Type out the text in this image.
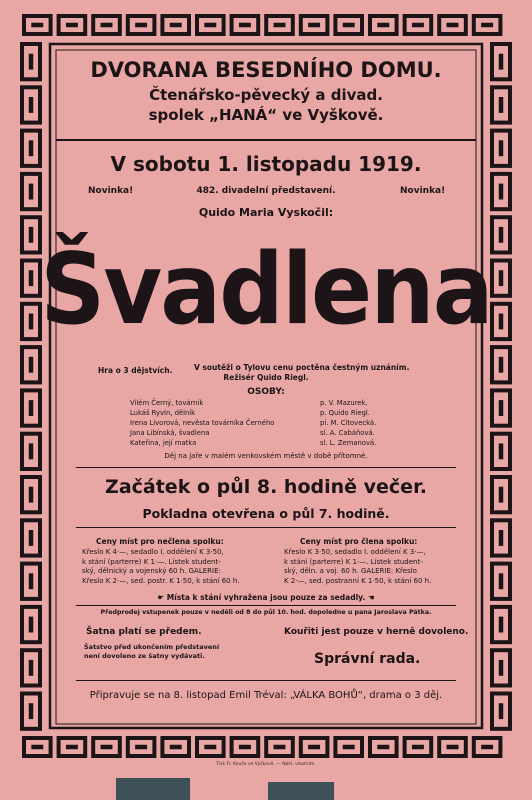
DVORANA BESEDNÍHO DOMU.
Čtenářsko-pěvecký a divad.
spolek „HANÁ“ ve Vyškově.
V sobotu 1. listopadu 1919.
Novinka!	482. divadelní představení.	Novinka!
Quido Maria Vyskočil:
Švadlena
Hra o 3 dějstvích.	V soutěži o Tylovu cenu poctěna čestným uznáním.
Režisér Quido Riegl.
OSOBY:
Vilém Černý, továrník	p. V. Mazurek.
Lukáš Ryvín, dělník	p. Quido Riegl.
Irena Livorová, nevěsta továrníka Černého	pí. M. Citovecká.
Jana Libínská, švadlena	sl. A. Cabáňová.
Kateřina, její matka	sl. L. Zemanová.
Děj na jaře v malém venkovském městě v době přítomné.
Začátek o půl 8. hodině večer.
Pokladna otevřena o půl 7. hodině.
Ceny míst pro nečlena spolku:
Křeslo K 4·—, sedadlo I. oddělení K 3·50,
k stání (parterre) K 1·—. Lístek student-
ský, dělnický a vojenský 60 h. GALERIE:
Křeslo K 2·—, sed. postr. K 1·50, k stání 60 h.
Ceny míst pro člena spolku:
Křeslo K 3·50, sedadlo I. oddělení K 3·—,
k stání (parterre) K 1·—. Lístek student-
ský, děln. a voj. 60 h. GALERIE: Křeslo
K 2·—, sed. postranní K 1·50, k stání 60 h.
☛ Místa k stání vyhražena jsou pouze za sedadly. ☚
Předprodej vstupenek pouze v neděli od 8 do půl 10. hod. dopoledne u pana Jaroslava Pátka.
Šatna platí se předem.	Kouřiti jest pouze v herně dovoleno.
Šatstvo před ukončením představení
není dovoleno ze šatny vydávati.	Správní rada.
Připravuje se na 8. listopad Emil Tréval: „VÁLKA BOHŮ“, drama o 3 děj.
Tisk Fr. Kouše ve Vyškově. — Nákl. vlastním.
